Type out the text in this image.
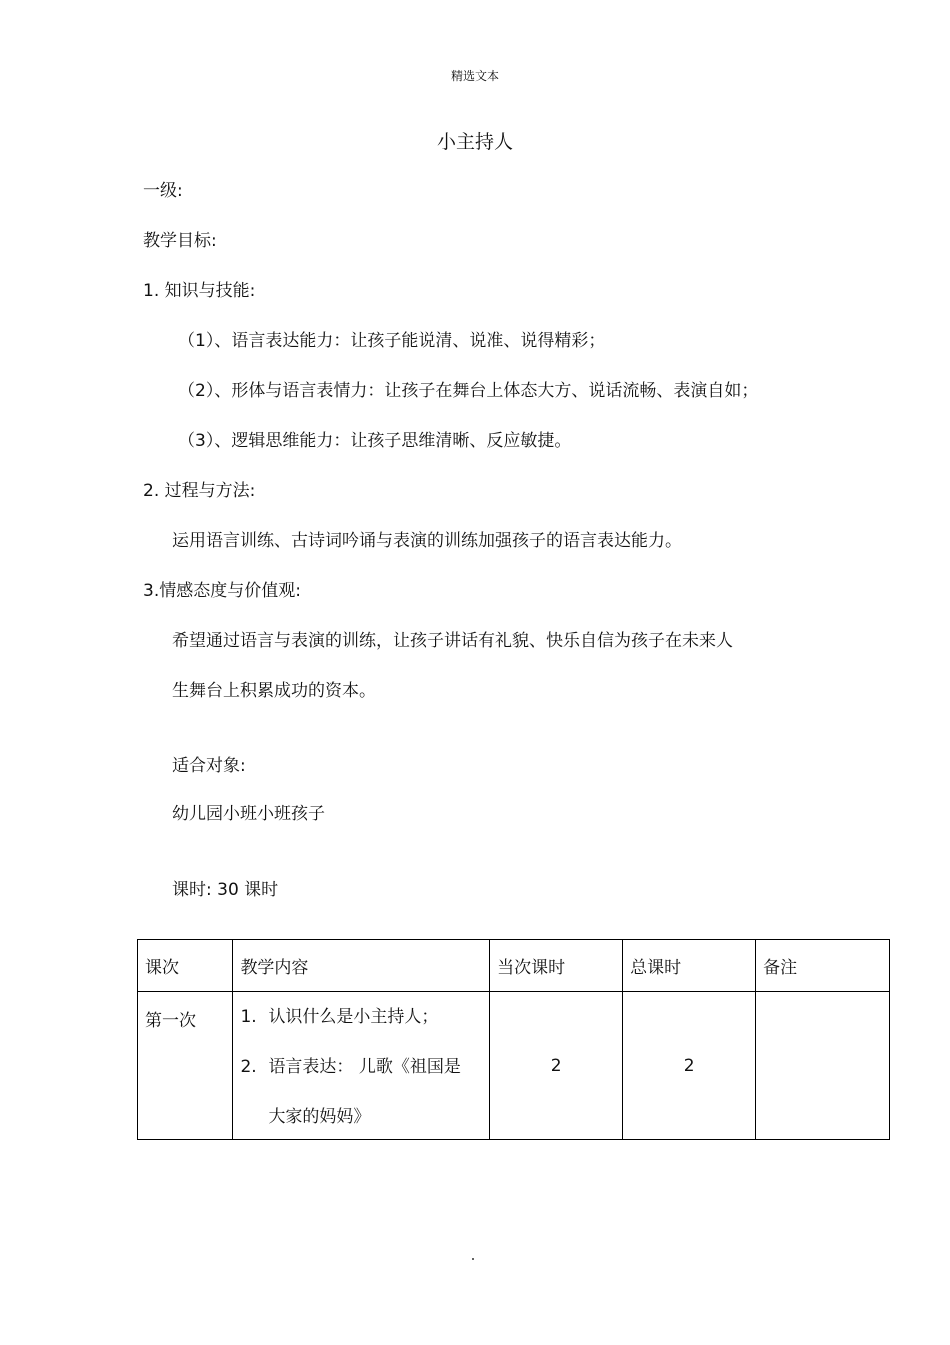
精选文本
小主持人
一级:
教学目标:
1. 知识与技能:
（1）、语言表达能力：让孩子能说清、说准、说得精彩；
（2）、形体与语言表情力：让孩子在舞台上体态大方、说话流畅、表演自如；
（3）、逻辑思维能力：让孩子思维清晰、反应敏捷。
2. 过程与方法:
运用语言训练、古诗词吟诵与表演的训练加强孩子的语言表达能力。
3.情感态度与价值观:
希望通过语言与表演的训练，让孩子讲话有礼貌、快乐自信为孩子在未来人
生舞台上积累成功的资本。
适合对象:
幼儿园小班小班孩子
课时: 30 课时
课次	教学内容	当次课时	总课时	备注
第一次	1. 认识什么是小主持人；
2. 语言表达： 儿歌《祖国是
大家的妈妈》	2	2	
